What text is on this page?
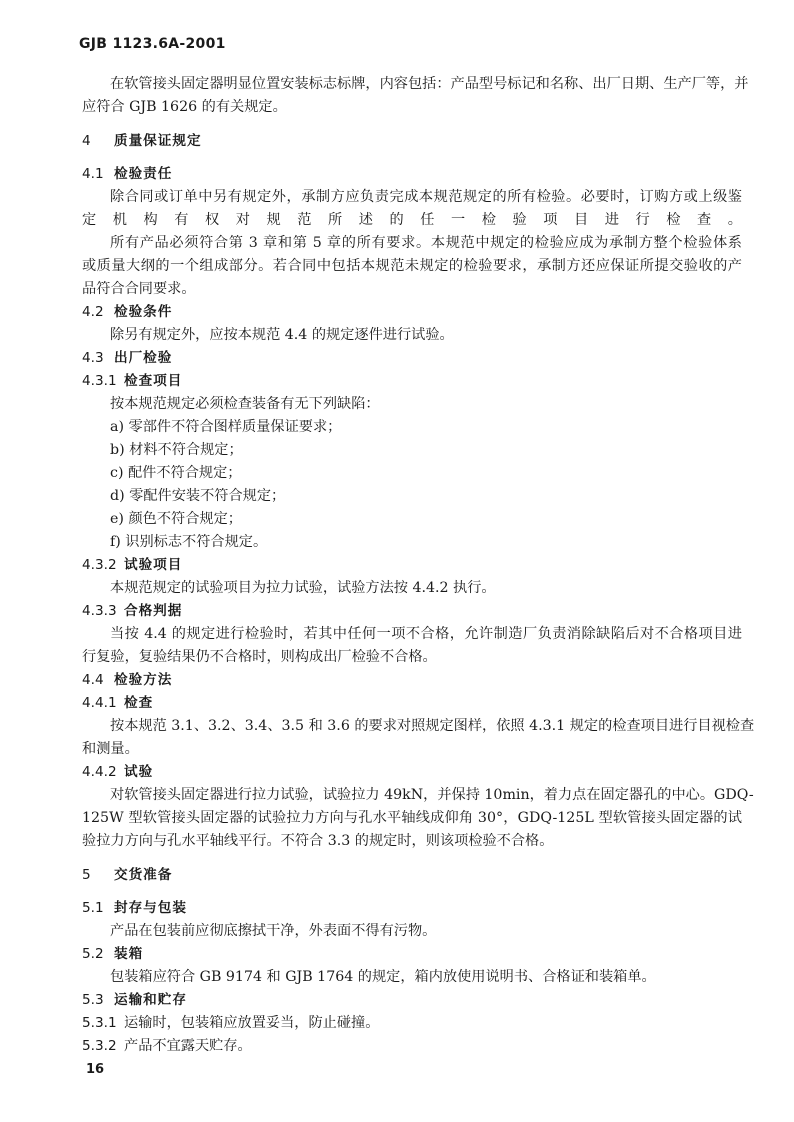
GJB 1123.6A-2001
在软管接头固定器明显位置安装标志标牌，内容包括：产品型号标记和名称、出厂日期、生产厂等，并
应符合 GJB 1626 的有关规定。
4 质量保证规定
4.1 检验责任
除合同或订单中另有规定外，承制方应负责完成本规范规定的所有检验。必要时，订购方或上级鉴
定机构有权对规范所述的任一检验项目进行检查。
所有产品必须符合第 3 章和第 5 章的所有要求。本规范中规定的检验应成为承制方整个检验体系
或质量大纲的一个组成部分。若合同中包括本规范未规定的检验要求，承制方还应保证所提交验收的产
品符合合同要求。
4.2 检验条件
除另有规定外，应按本规范 4.4 的规定逐件进行试验。
4.3 出厂检验
4.3.1 检查项目
按本规范规定必须检查装备有无下列缺陷：
a) 零部件不符合图样质量保证要求；
b) 材料不符合规定；
c) 配件不符合规定；
d) 零配件安装不符合规定；
e) 颜色不符合规定；
f) 识别标志不符合规定。
4.3.2 试验项目
本规范规定的试验项目为拉力试验，试验方法按 4.4.2 执行。
4.3.3 合格判据
当按 4.4 的规定进行检验时，若其中任何一项不合格，允许制造厂负责消除缺陷后对不合格项目进
行复验，复验结果仍不合格时，则构成出厂检验不合格。
4.4 检验方法
4.4.1 检查
按本规范 3.1、3.2、3.4、3.5 和 3.6 的要求对照规定图样，依照 4.3.1 规定的检查项目进行目视检查
和测量。
4.4.2 试验
对软管接头固定器进行拉力试验，试验拉力 49kN，并保持 10min，着力点在固定器孔的中心。GDQ-
125W 型软管接头固定器的试验拉力方向与孔水平轴线成仰角 30°，GDQ-125L 型软管接头固定器的试
验拉力方向与孔水平轴线平行。不符合 3.3 的规定时，则该项检验不合格。
5 交货准备
5.1 封存与包装
产品在包装前应彻底擦拭干净，外表面不得有污物。
5.2 装箱
包装箱应符合 GB 9174 和 GJB 1764 的规定，箱内放使用说明书、合格证和装箱单。
5.3 运输和贮存
5.3.1 运输时，包装箱应放置妥当，防止碰撞。
5.3.2 产品不宜露天贮存。
16
